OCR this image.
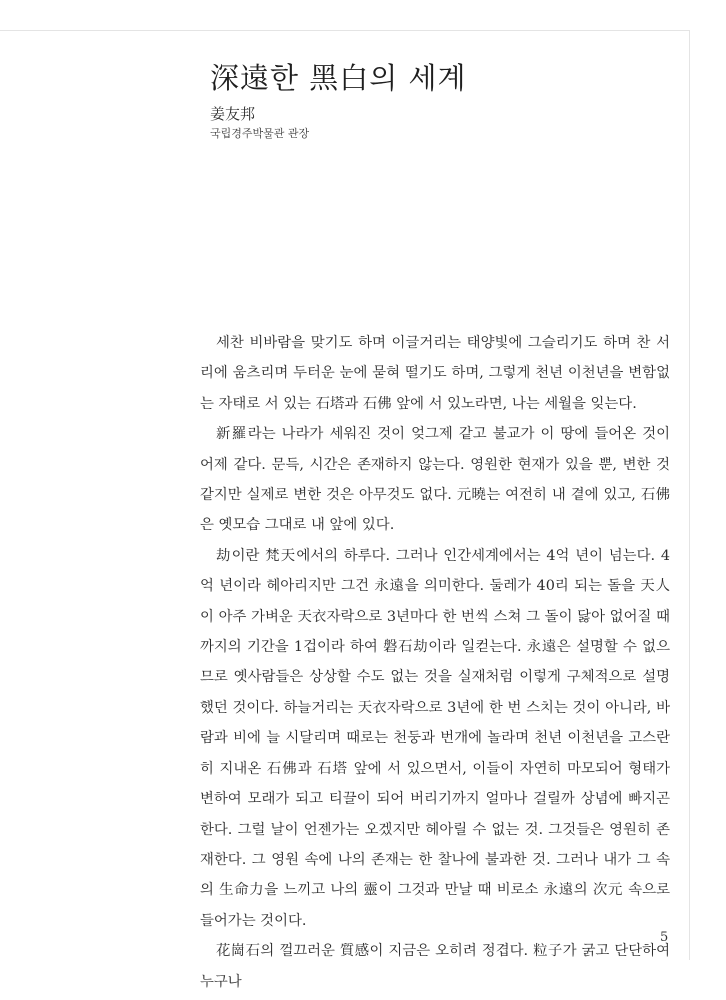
深遠한 黑白의 세계
姜友邦
국립경주박물관 관장

세찬 비바람을 맞기도 하며 이글거리는 태양빛에 그슬리기도 하며 찬 서리에 움츠리며 두터운 눈에 묻혀 떨기도 하며, 그렇게 천년 이천년을 변함없는 자태로 서 있는 石塔과 石佛 앞에 서 있노라면, 나는 세월을 잊는다.

新羅라는 나라가 세워진 것이 엊그제 같고 불교가 이 땅에 들어온 것이 어제 같다. 문득, 시간은 존재하지 않는다. 영원한 현재가 있을 뿐, 변한 것 같지만 실제로 변한 것은 아무것도 없다. 元曉는 여전히 내 곁에 있고, 石佛은 옛모습 그대로 내 앞에 있다.

劫이란 梵天에서의 하루다. 그러나 인간세계에서는 4억 년이 넘는다. 4억 년이라 헤아리지만 그건 永遠을 의미한다. 둘레가 40리 되는 돌을 天人이 아주 가벼운 天衣자락으로 3년마다 한 번씩 스쳐 그 돌이 닳아 없어질 때까지의 기간을 1겁이라 하여 磐石劫이라 일컫는다. 永遠은 설명할 수 없으므로 옛사람들은 상상할 수도 없는 것을 실재처럼 이렇게 구체적으로 설명했던 것이다. 하늘거리는 天衣자락으로 3년에 한 번 스치는 것이 아니라, 바람과 비에 늘 시달리며 때로는 천둥과 번개에 놀라며 천년 이천년을 고스란히 지내온 石佛과 石塔 앞에 서 있으면서, 이들이 자연히 마모되어 형태가 변하여 모래가 되고 티끌이 되어 버리기까지 얼마나 걸릴까 상념에 빠지곤 한다. 그럴 날이 언젠가는 오겠지만 헤아릴 수 없는 것. 그것들은 영원히 존재한다. 그 영원 속에 나의 존재는 한 찰나에 불과한 것. 그러나 내가 그 속의 生命力을 느끼고 나의 靈이 그것과 만날 때 비로소 永遠의 次元 속으로 들어가는 것이다.

花崗石의 껄끄러운 質感이 지금은 오히려 정겹다. 粒子가 굵고 단단하여 누구나

5
